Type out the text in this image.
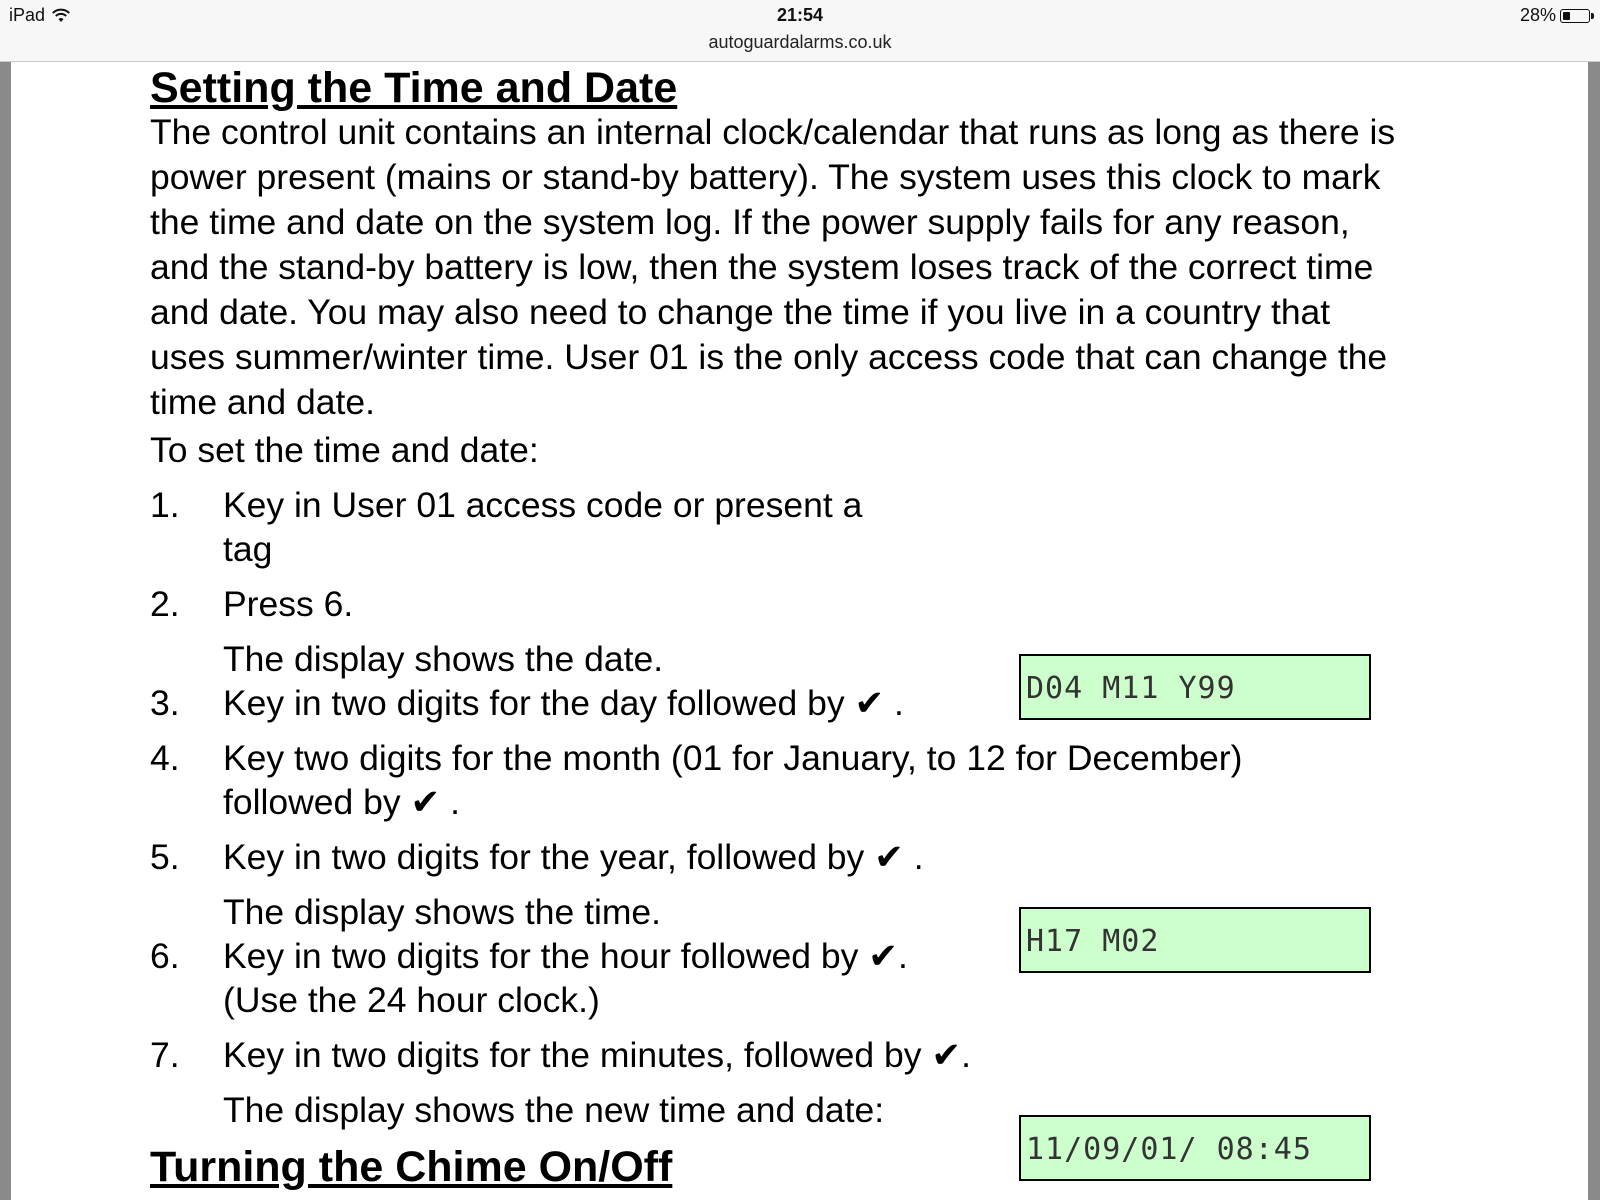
iPad	21:54
autoguardalarms.co.uk
28%
Setting the Time and Date

The control unit contains an internal clock/calendar that runs as long as there is power present (mains or stand-by battery). The system uses this clock to mark the time and date on the system log. If the power supply fails for any reason, and the stand-by battery is low, then the system loses track of the correct time and date. You may also need to change the time if you live in a country that uses summer/winter time. User 01 is the only access code that can change the time and date.

To set the time and date:
1. Key in User 01 access code or present a
tag
2. Press 6.
The display shows the date.
3. Key in two digits for the day followed by ✔ .
4. Key two digits for the month (01 for January, to 12 for December)
followed by ✔ .
5. Key in two digits for the year, followed by ✔ .
The display shows the time.
6. Key in two digits for the hour followed by ✔.
(Use the 24 hour clock.)
7. Key in two digits for the minutes, followed by ✔.
The display shows the new time and date:
D04 M11 Y99
H17 M02
11/09/01/ 08:45
Turning the Chime On/Off
